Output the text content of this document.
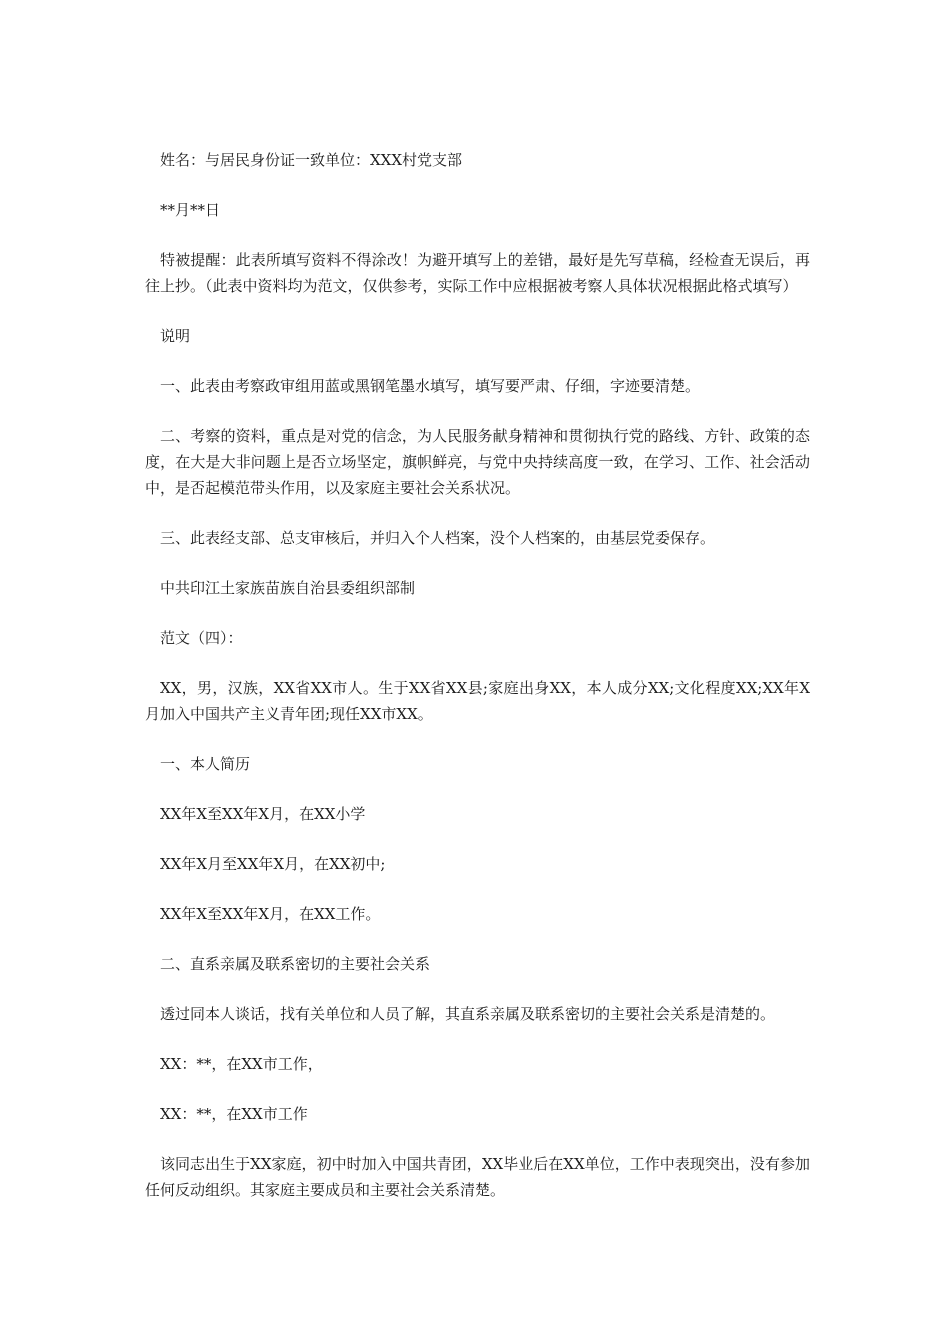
姓名：与居民身份证一致单位：XXX村党支部

**月**日

特被提醒：此表所填写资料不得涂改！为避开填写上的差错，最好是先写草稿，经检查无误后，再往上抄。（此表中资料均为范文，仅供参考，实际工作中应根据被考察人具体状况根据此格式填写）

说明

一、此表由考察政审组用蓝或黑钢笔墨水填写，填写要严肃、仔细，字迹要清楚。

二、考察的资料，重点是对党的信念，为人民服务献身精神和贯彻执行党的路线、方针、政策的态度，在大是大非问题上是否立场坚定，旗帜鲜亮，与党中央持续高度一致，在学习、工作、社会活动中，是否起模范带头作用，以及家庭主要社会关系状况。

三、此表经支部、总支审核后，并归入个人档案，没个人档案的，由基层党委保存。

中共印江土家族苗族自治县委组织部制

范文（四）：

XX，男，汉族，XX省XX市人。生于XX省XX县;家庭出身XX，本人成分XX;文化程度XX;XX年X月加入中国共产主义青年团;现任XX市XX。

一、本人简历

XX年X至XX年X月，在XX小学

XX年X月至XX年X月，在XX初中;

XX年X至XX年X月，在XX工作。

二、直系亲属及联系密切的主要社会关系

透过同本人谈话，找有关单位和人员了解，其直系亲属及联系密切的主要社会关系是清楚的。

XX：**，在XX市工作，

XX：**，在XX市工作

该同志出生于XX家庭，初中时加入中国共青团，XX毕业后在XX单位，工作中表现突出，没有参加任何反动组织。其家庭主要成员和主要社会关系清楚。
